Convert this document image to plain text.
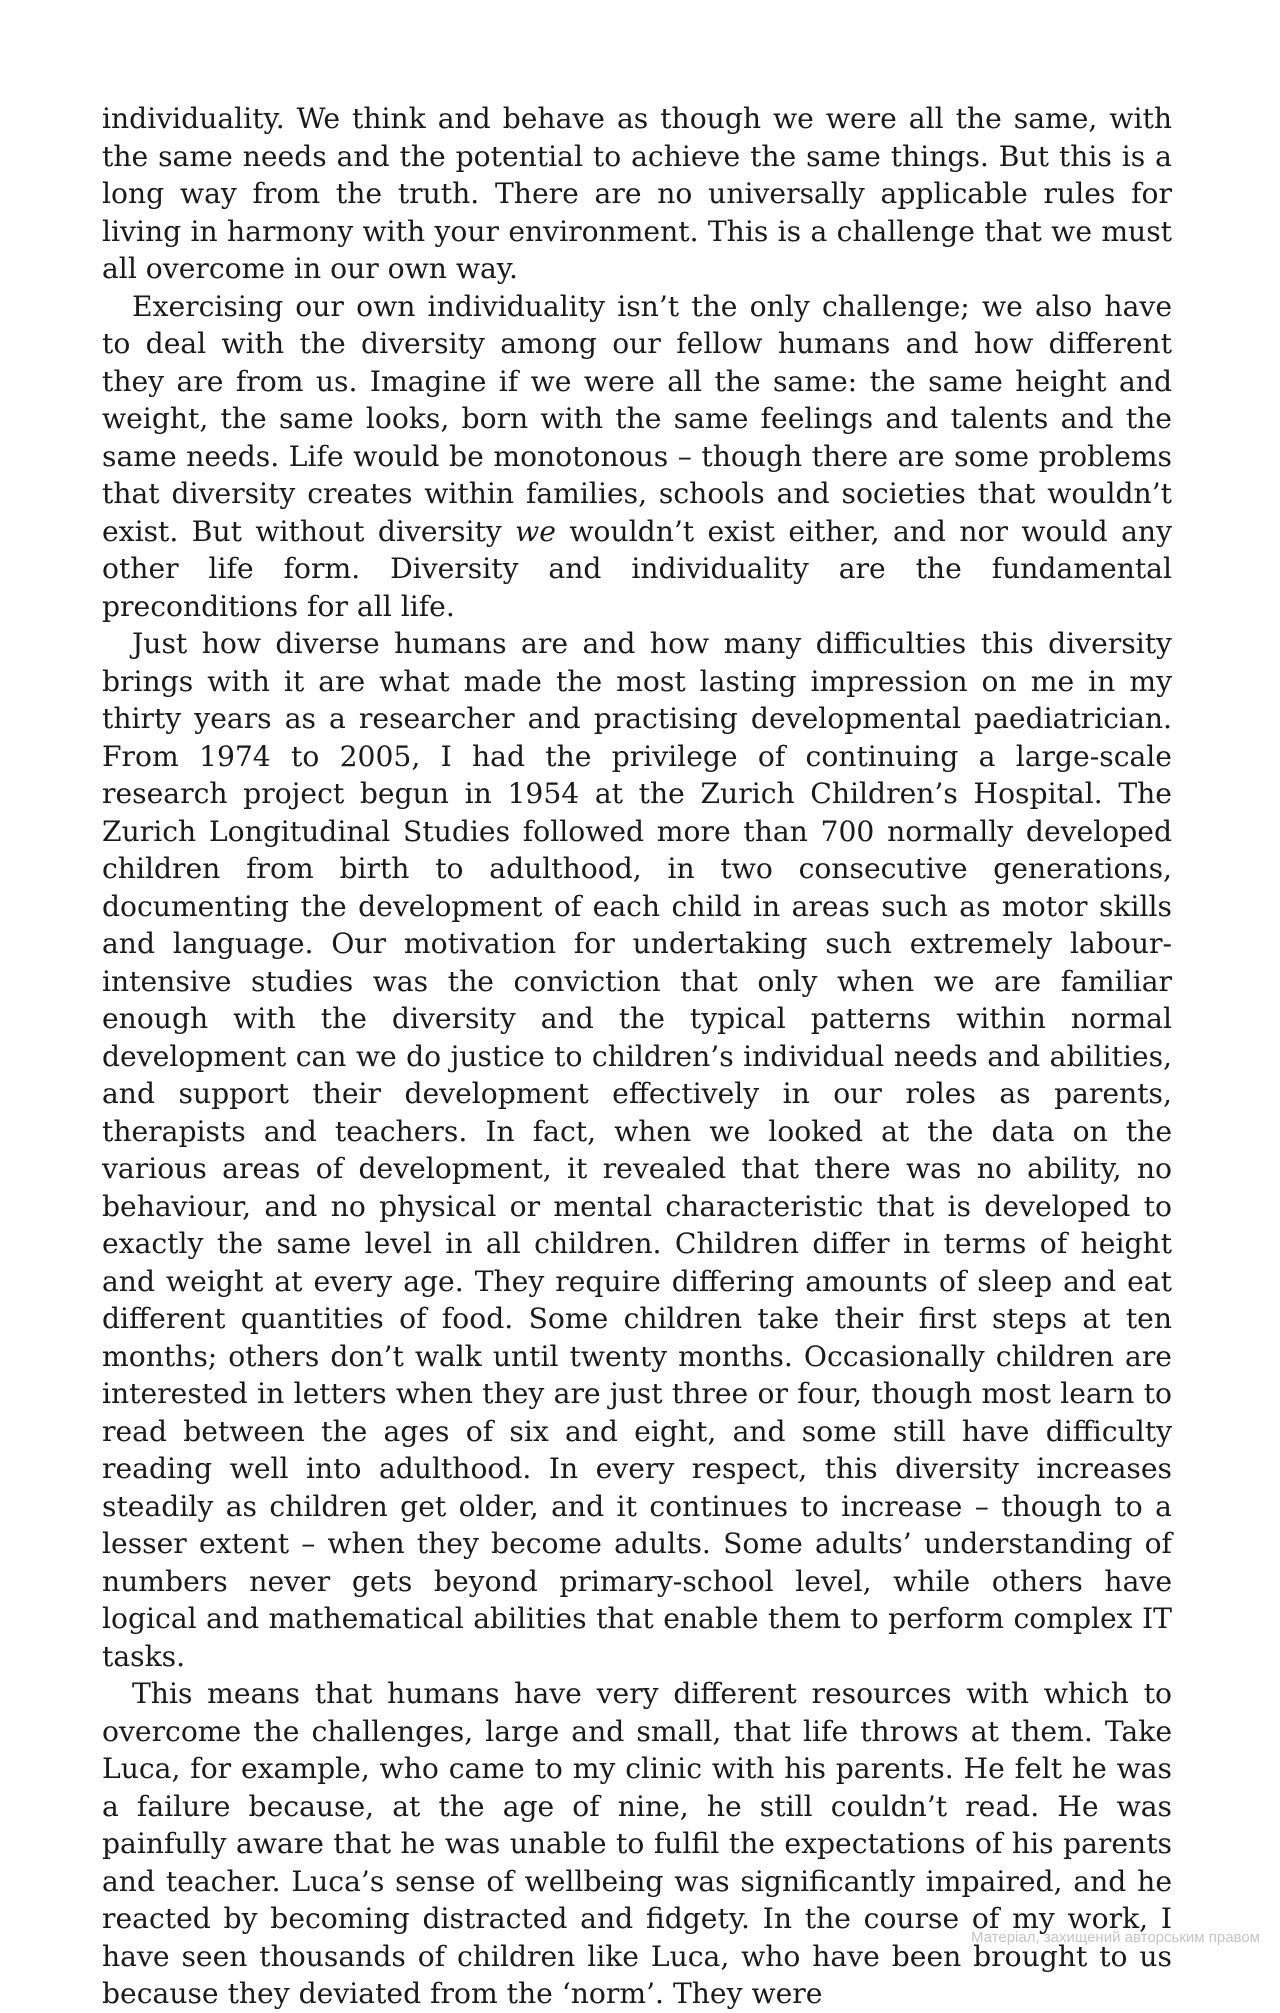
individuality. We think and behave as though we were all the same, with the same needs and the potential to achieve the same things. But this is a long way from the truth. There are no universally applicable rules for living in harmony with your environment. This is a challenge that we must all overcome in our own way.

Exercising our own individuality isn’t the only challenge; we also have to deal with the diversity among our fellow humans and how different they are from us. Imagine if we were all the same: the same height and weight, the same looks, born with the same feelings and talents and the same needs. Life would be monotonous – though there are some problems that diversity creates within families, schools and societies that wouldn’t exist. But without diversity we wouldn’t exist either, and nor would any other life form. Diversity and individuality are the fundamental preconditions for all life.

Just how diverse humans are and how many difficulties this diversity brings with it are what made the most lasting impression on me in my thirty years as a researcher and practising developmental paediatrician. From 1974 to 2005, I had the privilege of continuing a large-scale research project begun in 1954 at the Zurich Children’s Hospital. The Zurich Longitudinal Studies followed more than 700 normally developed children from birth to adulthood, in two consecutive generations, documenting the development of each child in areas such as motor skills and language. Our motivation for undertaking such extremely labour-intensive studies was the conviction that only when we are familiar enough with the diversity and the typical patterns within normal development can we do justice to children’s individual needs and abilities, and support their development effectively in our roles as parents, therapists and teachers. In fact, when we looked at the data on the various areas of development, it revealed that there was no ability, no behaviour, and no physical or mental characteristic that is developed to exactly the same level in all children. Children differ in terms of height and weight at every age. They require differing amounts of sleep and eat different quantities of food. Some children take their first steps at ten months; others don’t walk until twenty months. Occasionally children are interested in letters when they are just three or four, though most learn to read between the ages of six and eight, and some still have difficulty reading well into adulthood. In every respect, this diversity increases steadily as children get older, and it continues to increase – though to a lesser extent – when they become adults. Some adults’ understanding of numbers never gets beyond primary-school level, while others have logical and mathematical abilities that enable them to perform complex IT tasks.

This means that humans have very different resources with which to overcome the challenges, large and small, that life throws at them. Take Luca, for example, who came to my clinic with his parents. He felt he was a failure because, at the age of nine, he still couldn’t read. He was painfully aware that he was unable to fulfil the expectations of his parents and teacher. Luca’s sense of wellbeing was significantly impaired, and he reacted by becoming distracted and fidgety. In the course of my work, I have seen thousands of children like Luca, who have been brought to us because they deviated from the ‘norm’. They were

Матеріал, захищений авторським правом
